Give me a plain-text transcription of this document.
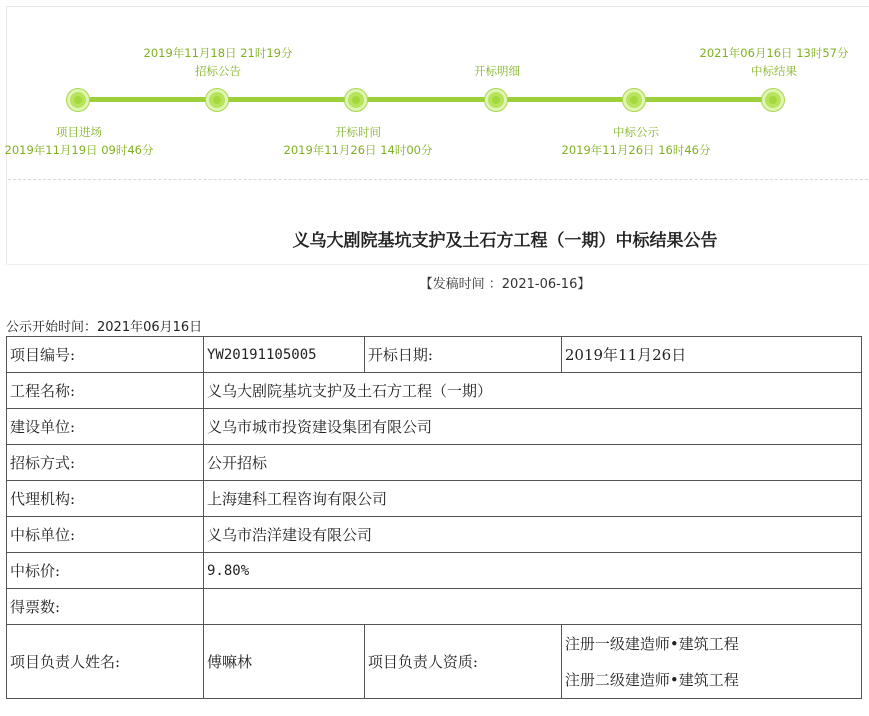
项目进场
2019年11月19日 09时46分
2019年11月18日 21时19分
招标公告
开标时间
2019年11月26日 14时00分
开标明细
中标公示
2019年11月26日 16时46分
2021年06月16日 13时57分
中标结果
义乌大剧院基坑支护及土石方工程（一期）中标结果公告
【发稿时间 ：2021-06-16】
公示开始时间：2021年06月16日
项目编号:	YW20191105005	开标日期:	2019年11月26日
工程名称:	义乌大剧院基坑支护及土石方工程（一期）		
建设单位:	义乌市城市投资建设集团有限公司		
招标方式:	公开招标		
代理机构:	上海建科工程咨询有限公司		
中标单位:	义乌市浩洋建设有限公司		
中标价:	9.80%		
得票数:			
项目负责人姓名:	傅嘛林	项目负责人资质:	注册一级建造师•建筑工程
注册二级建造师•建筑工程
